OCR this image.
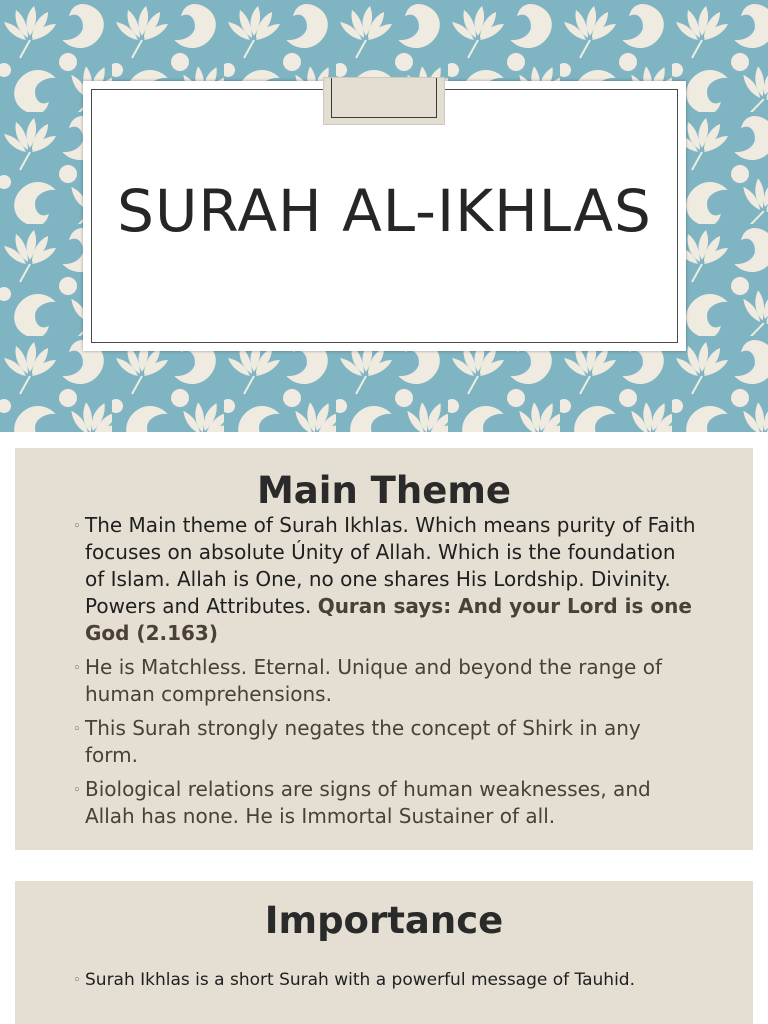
SURAH AL-IKHLAS
Main Theme
◦ The Main theme of Surah Ikhlas. Which means purity of Faith focuses on absolute Únity of Allah. Which is the foundation of Islam. Allah is One, no one shares His Lordship. Divinity. Powers and Attributes. Quran says: And your Lord is one God (2.163)
◦ He is Matchless. Eternal. Unique and beyond the range of human comprehensions.
◦ This Surah strongly negates the concept of Shirk in any form.
◦ Biological relations are signs of human weaknesses, and Allah has none. He is Immortal Sustainer of all.
Importance
◦ Surah Ikhlas is a short Surah with a powerful message of Tauhid.
